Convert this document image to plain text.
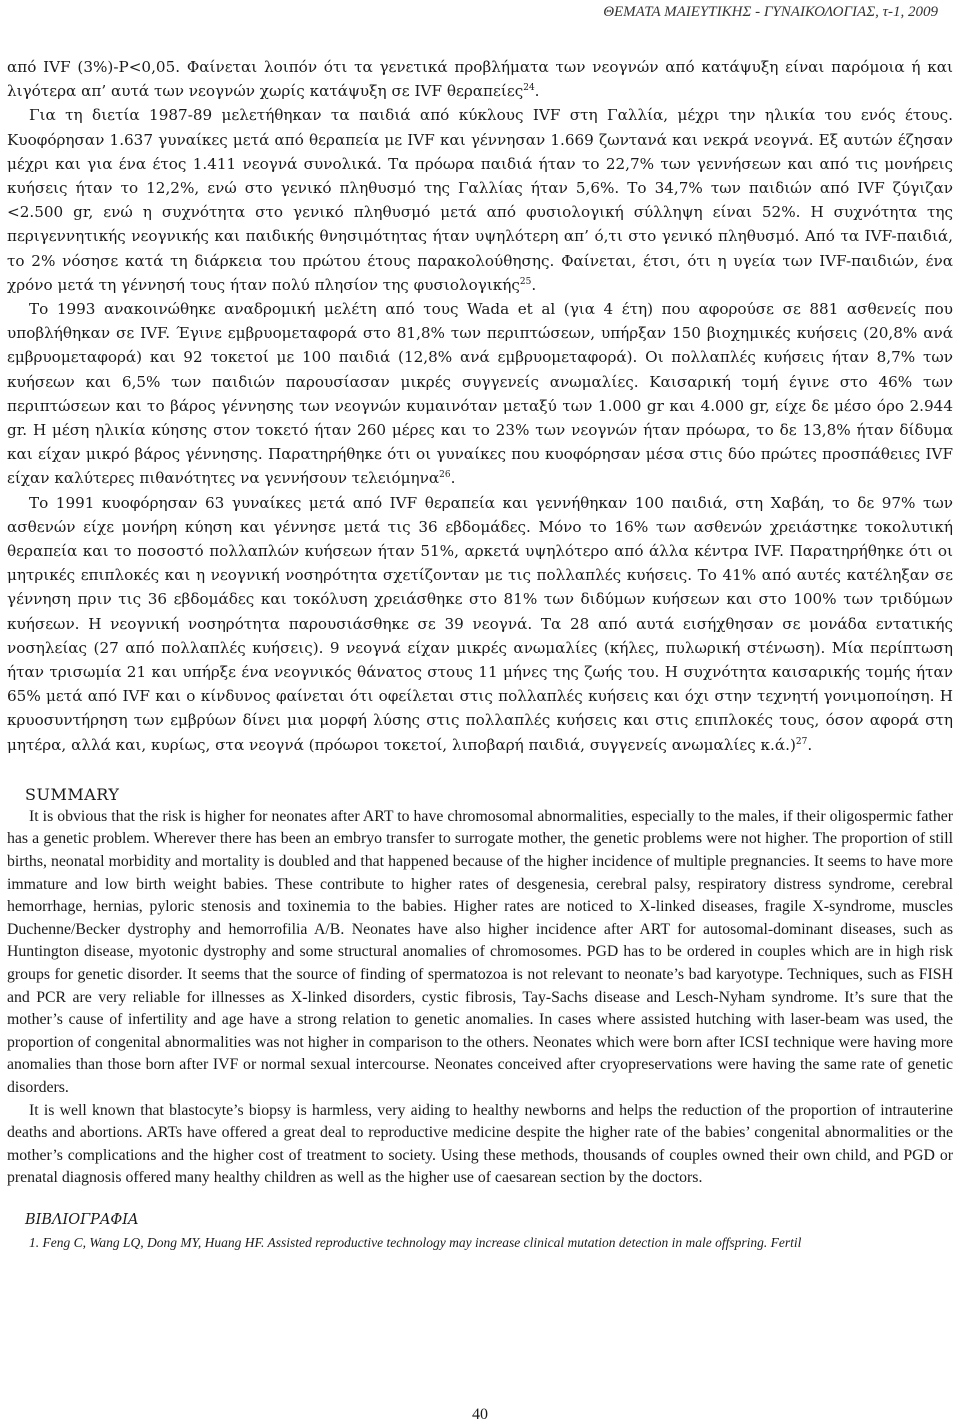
ΘΕΜΑΤΑ ΜΑΙΕΥΤΙΚΗΣ - ΓΥΝΑΙΚΟΛΟΓΙΑΣ, τ-1, 2009

από IVF (3%)-P<0,05. Φαίνεται λοιπόν ότι τα γενετικά προβλήματα των νεογνών από κατάψυξη είναι παρόμοια ή και λιγότερα απ’ αυτά των νεογνών χωρίς κατάψυξη σε IVF θεραπείες$^{24}$.

Για τη διετία 1987-89 μελετήθηκαν τα παιδιά από κύκλους IVF στη Γαλλία, μέχρι την ηλικία του ενός έτους. Κυοφόρησαν 1.637 γυναίκες μετά από θεραπεία με IVF και γέννησαν 1.669 ζωντανά και νεκρά νεογνά. Εξ αυτών έζησαν μέχρι και για ένα έτος 1.411 νεογνά συνολικά. Τα πρόωρα παιδιά ήταν το 22,7% των γεννήσεων και από τις μονήρεις κυήσεις ήταν το 12,2%, ενώ στο γενικό πληθυσμό της Γαλλίας ήταν 5,6%. Το 34,7% των παιδιών από IVF ζύγιζαν <2.500 gr, ενώ η συχνότητα στο γενικό πληθυσμό μετά από φυσιολογική σύλληψη είναι 52%. Η συχνότητα της περιγεννητικής νεογνικής και παιδικής θνησιμότητας ήταν υψηλότερη απ’ ό,τι στο γενικό πληθυσμό. Από τα IVF-παιδιά, το 2% νόσησε κατά τη διάρκεια του πρώτου έτους παρακολούθησης. Φαίνεται, έτσι, ότι η υγεία των IVF-παιδιών, ένα χρόνο μετά τη γέννησή τους ήταν πολύ πλησίον της φυσιολογικής$^{25}$.

Το 1993 ανακοινώθηκε αναδρομική μελέτη από τους Wada et al (για 4 έτη) που αφορούσε σε 881 ασθενείς που υποβλήθηκαν σε IVF. Έγινε εμβρυομεταφορά στο 81,8% των περιπτώσεων, υπήρξαν 150 βιοχημικές κυήσεις (20,8% ανά εμβρυομεταφορά) και 92 τοκετοί με 100 παιδιά (12,8% ανά εμβρυομεταφορά). Οι πολλαπλές κυήσεις ήταν 8,7% των κυήσεων και 6,5% των παιδιών παρουσίασαν μικρές συγγενείς ανωμαλίες. Καισαρική τομή έγινε στο 46% των περιπτώσεων και το βάρος γέννησης των νεογνών κυμαινόταν μεταξύ των 1.000 gr και 4.000 gr, είχε δε μέσο όρο 2.944 gr. Η μέση ηλικία κύησης στον τοκετό ήταν 260 μέρες και το 23% των νεογνών ήταν πρόωρα, το δε 13,8% ήταν δίδυμα και είχαν μικρό βάρος γέννησης. Παρατηρήθηκε ότι οι γυναίκες που κυοφόρησαν μέσα στις δύο πρώτες προσπάθειες IVF είχαν καλύτερες πιθανότητες να γεννήσουν τελειόμηνα$^{26}$.

Το 1991 κυοφόρησαν 63 γυναίκες μετά από IVF θεραπεία και γεννήθηκαν 100 παιδιά, στη Χαβάη, το δε 97% των ασθενών είχε μονήρη κύηση και γέννησε μετά τις 36 εβδομάδες. Μόνο το 16% των ασθενών χρειάστηκε τοκολυτική θεραπεία και το ποσοστό πολλαπλών κυήσεων ήταν 51%, αρκετά υψηλότερο από άλλα κέντρα IVF. Παρατηρήθηκε ότι οι μητρικές επιπλοκές και η νεογνική νοσηρότητα σχετίζονταν με τις πολλαπλές κυήσεις. Το 41% από αυτές κατέληξαν σε γέννηση πριν τις 36 εβδομάδες και τοκόλυση χρειάσθηκε στο 81% των διδύμων κυήσεων και στο 100% των τριδύμων κυήσεων. Η νεογνική νοσηρότητα παρουσιάσθηκε σε 39 νεογνά. Τα 28 από αυτά εισήχθησαν σε μονάδα εντατικής νοσηλείας (27 από πολλαπλές κυήσεις). 9 νεογνά είχαν μικρές ανωμαλίες (κήλες, πυλωρική στένωση). Μία περίπτωση ήταν τρισωμία 21 και υπήρξε ένα νεογνικός θάνατος στους 11 μήνες της ζωής του. Η συχνότητα καισαρικής τομής ήταν 65% μετά από IVF και ο κίνδυνος φαίνεται ότι οφείλεται στις πολλαπλές κυήσεις και όχι στην τεχνητή γονιμοποίηση. Η κρυοσυντήρηση των εμβρύων δίνει μια μορφή λύσης στις πολλαπλές κυήσεις και στις επιπλοκές τους, όσον αφορά στη μητέρα, αλλά και, κυρίως, στα νεογνά (πρόωροι τοκετοί, λιποβαρή παιδιά, συγγενείς ανωμαλίες κ.ά.)$^{27}$.

SUMMARY

It is obvious that the risk is higher for neonates after ART to have chromosomal abnormalities, especially to the males, if their oligospermic father has a genetic problem. Wherever there has been an embryo transfer to surrogate mother, the genetic problems were not higher. The proportion of still births, neonatal morbidity and mortality is doubled and that happened because of the higher incidence of multiple pregnancies. It seems to have more immature and low birth weight babies. These contribute to higher rates of desgenesia, cerebral palsy, respiratory distress syndrome, cerebral hemorrhage, hernias, pyloric stenosis and toxinemia to the babies. Higher rates are noticed to X-linked diseases, fragile X-syndrome, muscles Duchenne/Becker dystrophy and hemorrofilia A/B. Neonates have also higher incidence after ART for autosomal-dominant diseases, such as Huntington disease, myotonic dystrophy and some structural anomalies of chromosomes. PGD has to be ordered in couples which are in high risk groups for genetic disorder. It seems that the source of finding of spermatozoa is not relevant to neonate’s bad karyotype. Techniques, such as FISH and PCR are very reliable for illnesses as X-linked disorders, cystic fibrosis, Tay-Sachs disease and Lesch-Nyham syndrome. It’s sure that the mother’s cause of infertility and age have a strong relation to genetic anomalies. In cases where assisted hutching with laser-beam was used, the proportion of congenital abnormalities was not higher in comparison to the others. Neonates which were born after ICSI technique were having more anomalies than those born after IVF or normal sexual intercourse. Neonates conceived after cryopreservations were having the same rate of genetic disorders.

It is well known that blastocyte’s biopsy is harmless, very aiding to healthy newborns and helps the reduction of the proportion of intrauterine deaths and abortions. ARTs have offered a great deal to reproductive medicine despite the higher rate of the babies’ congenital abnormalities or the mother’s complications and the higher cost of treatment to society. Using these methods, thousands of couples owned their own child, and PGD or prenatal diagnosis offered many healthy children as well as the higher use of caesarean section by the doctors.

ΒΙΒΛΙΟΓΡΑΦΙΑ
1. Feng C, Wang LQ, Dong MY, Huang HF. Assisted reproductive technology may increase clinical mutation detection in male offspring. Fertil
40
